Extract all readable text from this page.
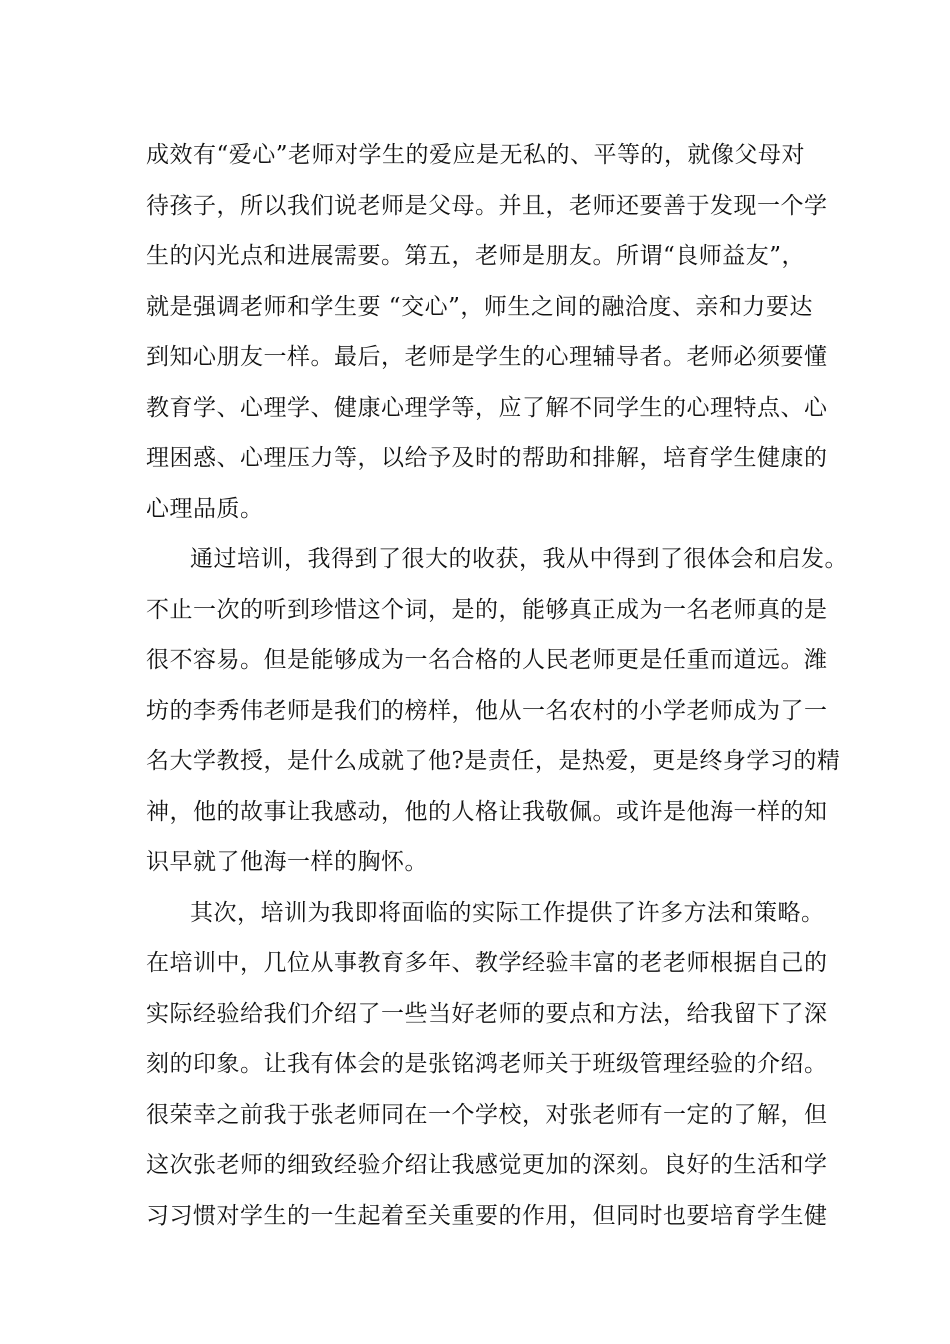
成效有“爱心”老师对学生的爱应是无私的、平等的，就像父母对
待孩子，所以我们说老师是父母。并且，老师还要善于发现一个学
生的闪光点和进展需要。第五，老师是朋友。所谓“良师益友”，
就是强调老师和学生要 “交心”，师生之间的融洽度、亲和力要达
到知心朋友一样。最后，老师是学生的心理辅导者。老师必须要懂
教育学、心理学、健康心理学等，应了解不同学生的心理特点、心
理困惑、心理压力等，以给予及时的帮助和排解，培育学生健康的
心理品质。
通过培训，我得到了很大的收获，我从中得到了很体会和启发。
不止一次的听到珍惜这个词，是的，能够真正成为一名老师真的是
很不容易。但是能够成为一名合格的人民老师更是任重而道远。潍
坊的李秀伟老师是我们的榜样，他从一名农村的小学老师成为了一
名大学教授，是什么成就了他?是责任，是热爱，更是终身学习的精
神，他的故事让我感动，他的人格让我敬佩。或许是他海一样的知
识早就了他海一样的胸怀。
其次，培训为我即将面临的实际工作提供了许多方法和策略。
在培训中，几位从事教育多年、教学经验丰富的老老师根据自己的
实际经验给我们介绍了一些当好老师的要点和方法，给我留下了深
刻的印象。让我有体会的是张铭鸿老师关于班级管理经验的介绍。
很荣幸之前我于张老师同在一个学校，对张老师有一定的了解，但
这次张老师的细致经验介绍让我感觉更加的深刻。良好的生活和学
习习惯对学生的一生起着至关重要的作用，但同时也要培育学生健
